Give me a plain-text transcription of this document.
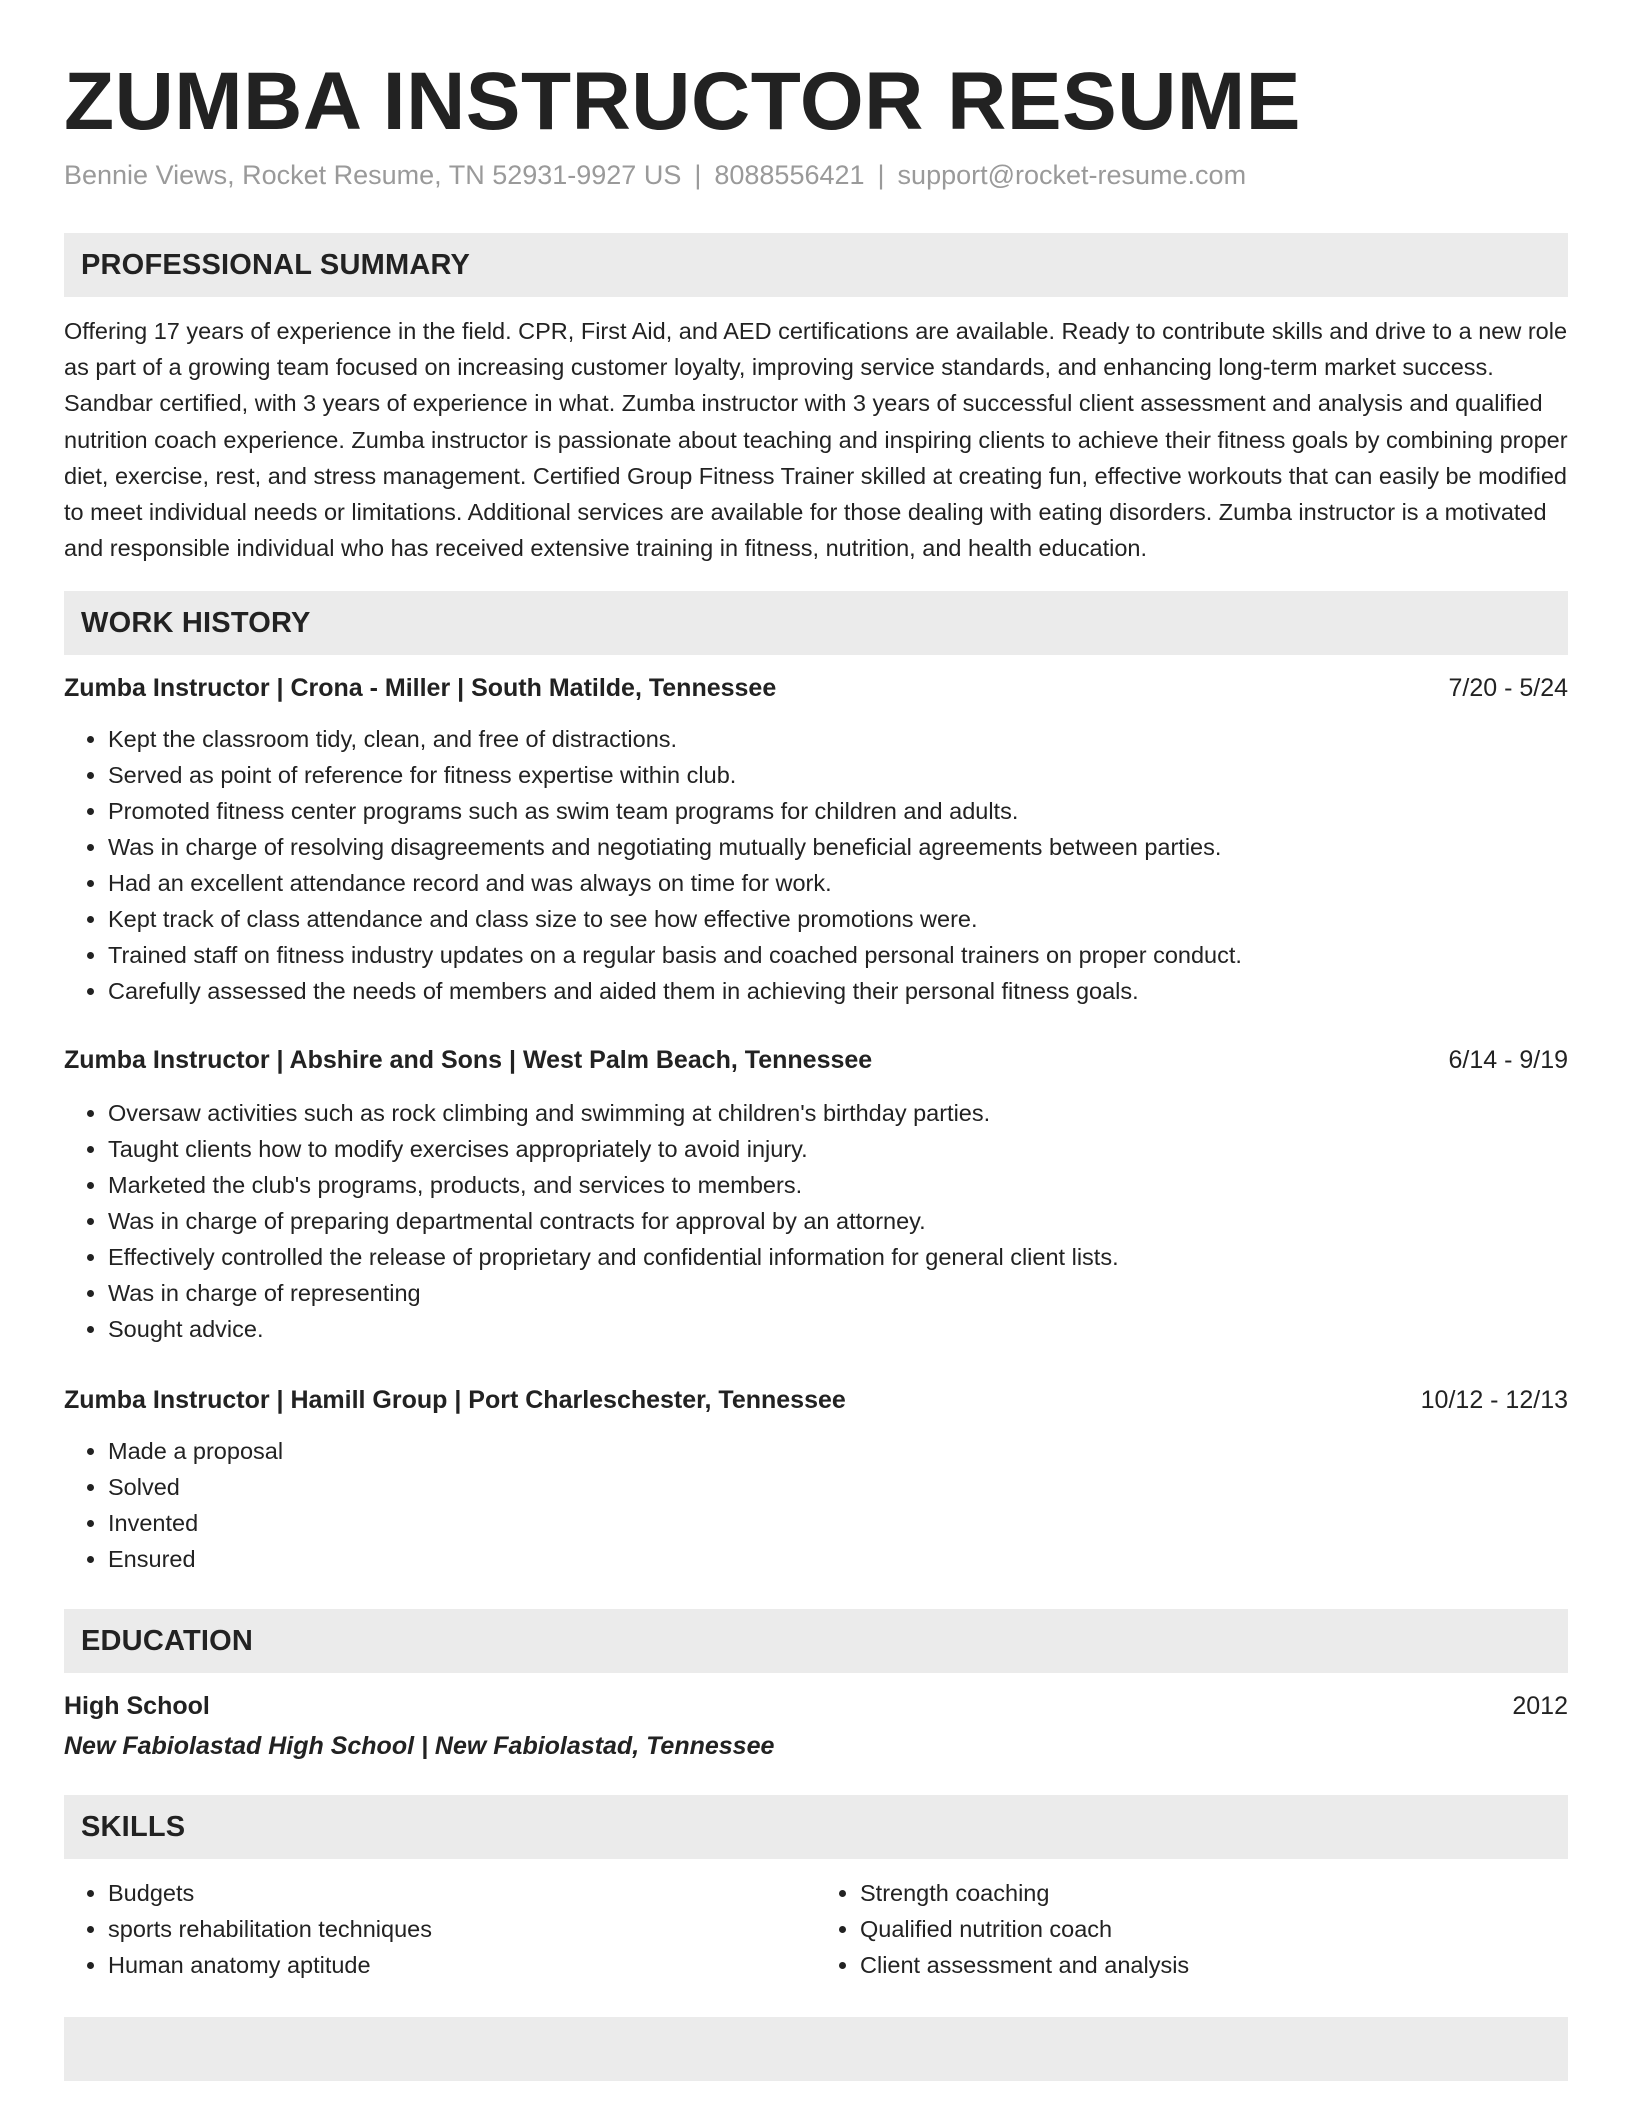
ZUMBA INSTRUCTOR RESUME
Bennie Views, Rocket Resume, TN 52931-9927 US | 8088556421 | support@rocket-resume.com
PROFESSIONAL SUMMARY

Offering 17 years of experience in the field. CPR, First Aid, and AED certifications are available. Ready to contribute skills and drive to a new role as part of a growing team focused on increasing customer loyalty, improving service standards, and enhancing long-term market success. Sandbar certified, with 3 years of experience in what. Zumba instructor with 3 years of successful client assessment and analysis and qualified nutrition coach experience. Zumba instructor is passionate about teaching and inspiring clients to achieve their fitness goals by combining proper diet, exercise, rest, and stress management. Certified Group Fitness Trainer skilled at creating fun, effective workouts that can easily be modified to meet individual needs or limitations. Additional services are available for those dealing with eating disorders. Zumba instructor is a motivated and responsible individual who has received extensive training in fitness, nutrition, and health education.

WORK HISTORY
Zumba Instructor | Crona - Miller | South Matilde, Tennessee	7/20 - 5/24
• Kept the classroom tidy, clean, and free of distractions.
• Served as point of reference for fitness expertise within club.
• Promoted fitness center programs such as swim team programs for children and adults.
• Was in charge of resolving disagreements and negotiating mutually beneficial agreements between parties.
• Had an excellent attendance record and was always on time for work.
• Kept track of class attendance and class size to see how effective promotions were.
• Trained staff on fitness industry updates on a regular basis and coached personal trainers on proper conduct.
• Carefully assessed the needs of members and aided them in achieving their personal fitness goals.
Zumba Instructor | Abshire and Sons | West Palm Beach, Tennessee	6/14 - 9/19
• Oversaw activities such as rock climbing and swimming at children's birthday parties.
• Taught clients how to modify exercises appropriately to avoid injury.
• Marketed the club's programs, products, and services to members.
• Was in charge of preparing departmental contracts for approval by an attorney.
• Effectively controlled the release of proprietary and confidential information for general client lists.
• Was in charge of representing
• Sought advice.
Zumba Instructor | Hamill Group | Port Charleschester, Tennessee	10/12 - 12/13
• Made a proposal
• Solved
• Invented
• Ensured
EDUCATION
High School	2012
New Fabiolastad High School | New Fabiolastad, Tennessee
SKILLS
• Budgets
• sports rehabilitation techniques
• Human anatomy aptitude
• Strength coaching
• Qualified nutrition coach
• Client assessment and analysis
